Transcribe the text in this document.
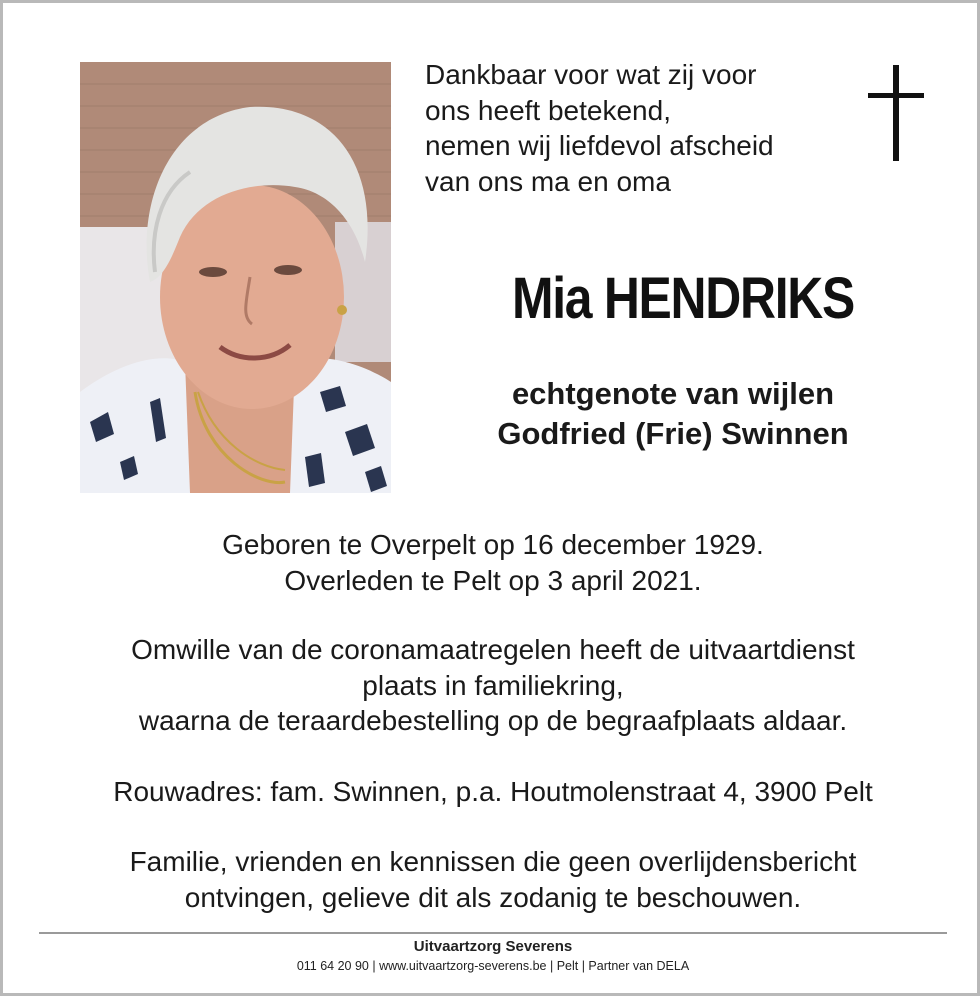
Dankbaar voor wat zij voor
ons heeft betekend,
nemen wij liefdevol afscheid
van ons ma en oma
Mia HENDRIKS
echtgenote van wijlen
Godfried (Frie) Swinnen
Geboren te Overpelt op 16 december 1929.
Overleden te Pelt op 3 april 2021.
Omwille van de coronamaatregelen heeft de uitvaartdienst
plaats in familiekring,
waarna de teraardebestelling op de begraafplaats aldaar.
Rouwadres: fam. Swinnen, p.a. Houtmolenstraat 4, 3900 Pelt
Familie, vrienden en kennissen die geen overlijdensbericht
ontvingen, gelieve dit als zodanig te beschouwen.
Uitvaartzorg Severens
011 64 20 90 | www.uitvaartzorg-severens.be | Pelt | Partner van DELA
